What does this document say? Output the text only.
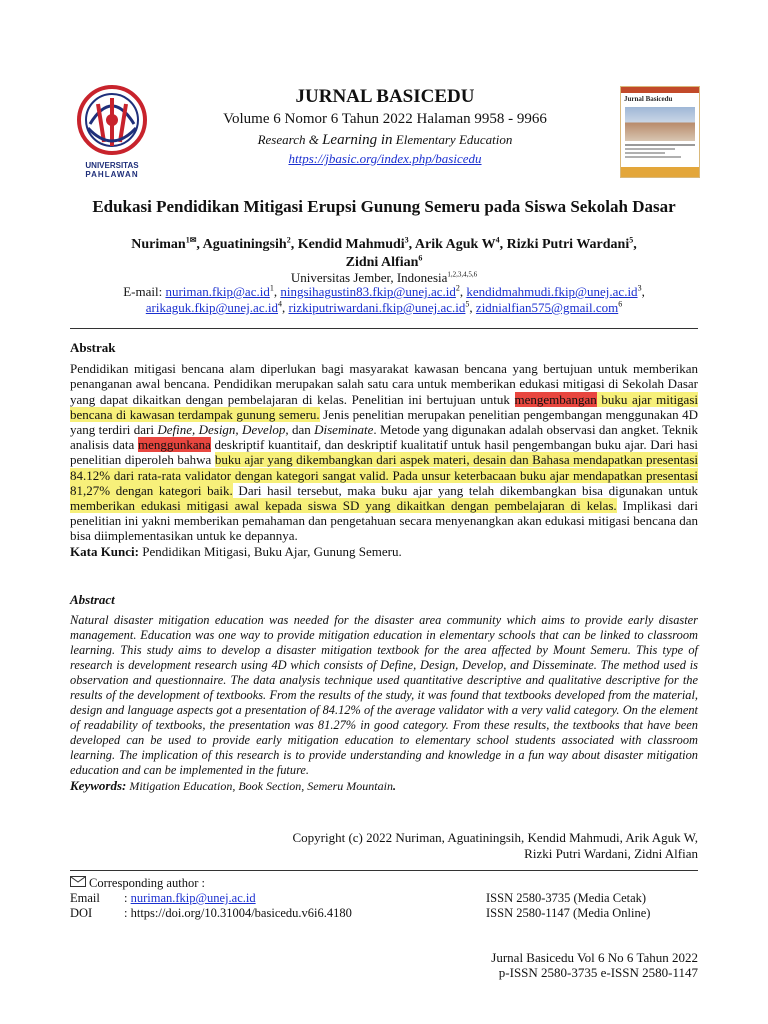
UNIVERSITAS
PAHLAWAN
JURNAL BASICEDU
Volume 6 Nomor 6 Tahun 2022 Halaman 9958 - 9966
Research & Learning in Elementary Education
https://jbasic.org/index.php/basicedu
Jurnal Basicedu
Edukasi Pendidikan Mitigasi Erupsi Gunung Semeru pada Siswa Sekolah Dasar
Nuriman$^{1✉}$, Aguatiningsih$^2$, Kendid Mahmudi$^3$, Arik Aguk $W^4$, Rizki Putri Wardani$^5$,
Zidni Alfian$^6$
Universitas Jember, Indonesia$^{1,2,3,4,5,6}$
E-mail: $nuriman.fkip@ac.id^1$, $ningsihagustin83.fkip@unej.ac.id^2$, $kendidmahmudi.fkip@unej.ac.id^3$,
$arikaguk.fkip@unej.ac.id^4$, $rizkiputriwardani.fkip@unej.ac.id^5$, zidnialfian575@gmail.com$^6$
Abstrak

Pendidikan mitigasi bencana alam diperlukan bagi masyarakat kawasan bencana yang bertujuan untuk memberikan penanganan awal bencana. Pendidikan merupakan salah satu cara untuk memberikan edukasi mitigasi di Sekolah Dasar yang dapat dikaitkan dengan pembelajaran di kelas. Penelitian ini bertujuan untuk mengembangan buku ajar mitigasi bencana di kawasan terdampak gunung semeru. Jenis penelitian merupakan penelitian pengembangan menggunakan 4D yang terdiri dari Define, Design, Develop, dan Diseminate. Metode yang digunakan adalah observasi dan angket. Teknik analisis data menggunkana deskriptif kuantitaif, dan deskriptif kualitatif untuk hasil pengembangan buku ajar. Dari hasi penelitian diperoleh bahwa buku ajar yang dikembangkan dari aspek materi, desain dan Bahasa mendapatkan presentasi 84.12% dari rata-rata validator dengan kategori sangat valid. Pada unsur keterbacaan buku ajar mendapatkan presentasi 81,27% dengan kategori baik. Dari hasil tersebut, maka buku ajar yang telah dikembangkan bisa digunakan untuk memberikan edukasi mitigasi awal kepada siswa SD yang dikaitkan dengan pembelajaran di kelas. Implikasi dari penelitian ini yakni memberikan pemahaman dan pengetahuan secara menyenangkan akan edukasi mitigasi bencana dan bisa diimplementasikan untuk ke depannya.

Kata Kunci: Pendidikan Mitigasi, Buku Ajar, Gunung Semeru.

Abstract

Natural disaster mitigation education was needed for the disaster area community which aims to provide early disaster management. Education was one way to provide mitigation education in elementary schools that can be linked to classroom learning. This study aims to develop a disaster mitigation textbook for the area affected by Mount Semeru. This type of research is development research using 4D which consists of Define, Design, Develop, and Disseminate. The method used is observation and questionnaire. The data analysis technique used quantitative descriptive and qualitative descriptive for the results of the development of textbooks. From the results of the study, it was found that textbooks developed from the material, design and language aspects got a presentation of 84.12% of the average validator with a very valid category. On the element of readability of textbooks, the presentation was 81.27% in good category. From these results, the textbooks that have been developed can be used to provide early mitigation education to elementary school students associated with classroom learning. The implication of this research is to provide understanding and knowledge in a fun way about disaster mitigation education and can be implemented in the future.

Keywords: Mitigation Education, Book Section, Semeru Mountain.

Copyright (c) 2022 Nuriman, Aguatiningsih, Kendid Mahmudi, Arik Aguk W,
Rizki Putri Wardani, Zidni Alfian
Corresponding author :
Email : nuriman.fkip@unej.ac.id	ISSN 2580-3735 (Media Cetak)
DOI	: https://doi.org/10.31004/basicedu.v6i6.4180	ISSN 2580-1147 (Media Online)
Jurnal Basicedu Vol 6 No 6 Tahun 2022
p-ISSN 2580-3735 e-ISSN 2580-1147
